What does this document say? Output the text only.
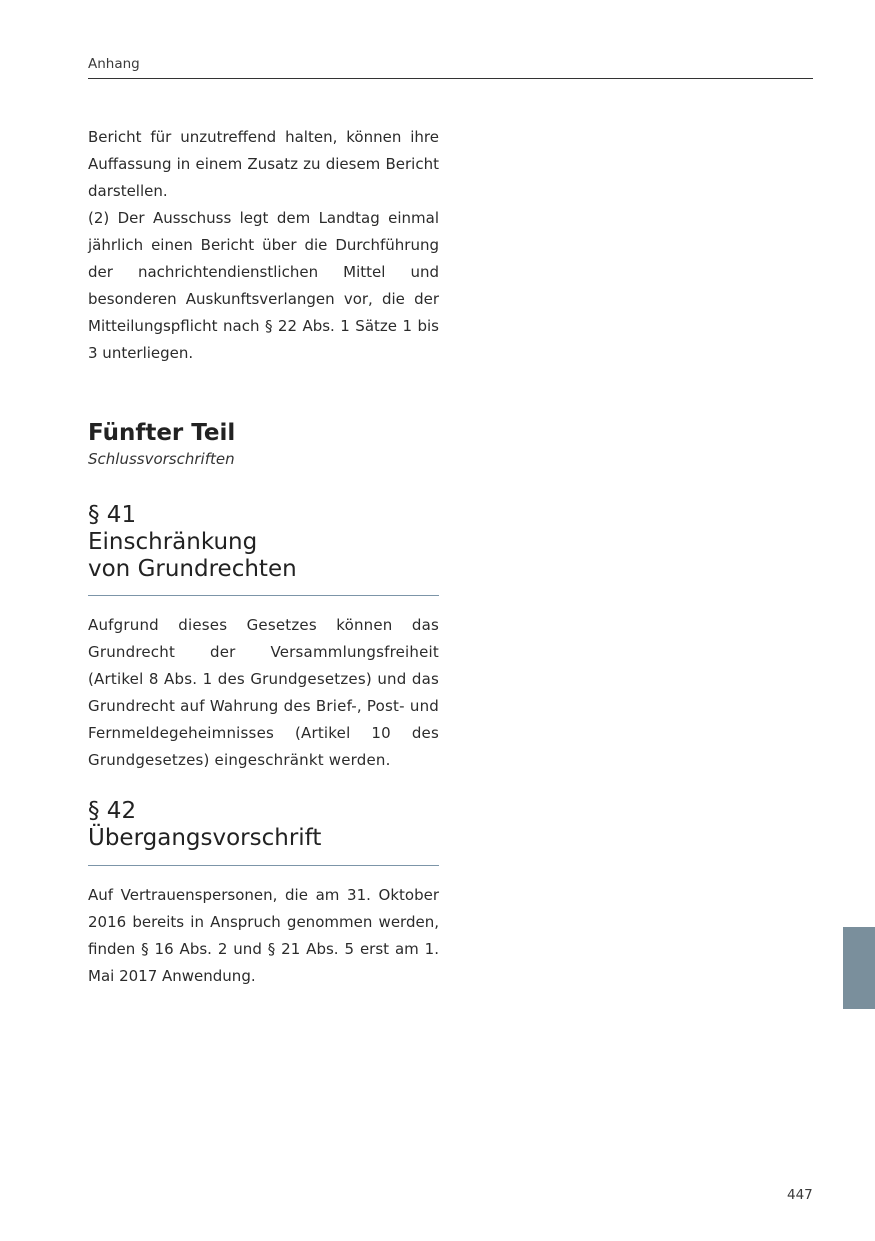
Anhang

Bericht für unzutreffend halten, können ihre Auffassung in einem Zusatz zu diesem Bericht darstellen.
(2) Der Ausschuss legt dem Landtag einmal jährlich einen Bericht über die Durchführung der nachrichtendienstlichen Mittel und besonderen Auskunftsverlangen vor, die der Mitteilungspflicht nach § 22 Abs. 1 Sätze 1 bis 3 unterliegen.

Fünfter Teil
Schlussvorschriften
§ 41
Einschränkung
von Grundrechten

Aufgrund dieses Gesetzes können das Grundrecht der Versammlungsfreiheit (Artikel 8 Abs. 1 des Grundgesetzes) und das Grundrecht auf Wahrung des Brief-, Post- und Fernmeldegeheimnisses (Artikel 10 des Grundgesetzes) eingeschränkt werden.

§ 42
Übergangsvorschrift

Auf Vertrauenspersonen, die am 31. Oktober 2016 bereits in Anspruch genommen werden, finden § 16 Abs. 2 und § 21 Abs. 5 erst am 1. Mai 2017 Anwendung.

447
